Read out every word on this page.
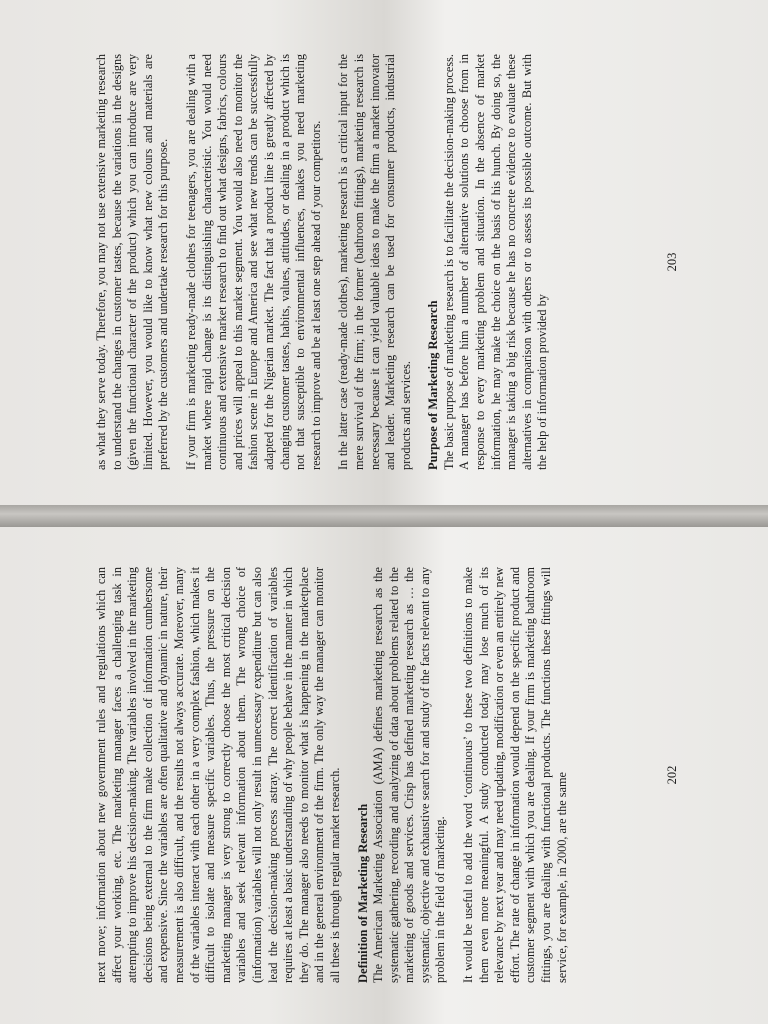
as what they serve today. Therefore, you may not use extensive marketing research to understand the changes in customer tastes, because the variations in the designs (given the functional character of the product) which you can introduce are very limited. However, you would like to know what new colours and materials are preferred by the customers and undertake research for this purpose. If your firm is marketing ready-made clothes for teenagers, you are dealing with a market where rapid change is its distinguishing characteristic. You would need continuous and extensive market research to find out what designs, fabrics, colours and prices will appeal to this market segment. You would also need to monitor the fashion scene in Europe and America and see what new trends can be successfully adapted for the Nigerian market. The fact that a product line is greatly affected by changing customer tastes, habits, values, attitudes, or dealing in a product which is not that susceptible to environmental influences, makes you need marketing research to improve and be at least one step ahead of your competitors. In the latter case (ready-made clothes), marketing research is a critical input for the mere survival of the firm; in the former (bathroom fittings), marketing research is necessary because it can yield valuable ideas to make the firm a market innovator and leader. Marketing research can be used for consumer products, industrial products and services. Purpose of Marketing Research The basic purpose of marketing research is to facilitate the decision-making process. A manager has before him a number of alternative solutions to choose from in response to every marketing problem and situation. In the absence of market information, he may make the choice on the basis of his hunch. By doing so, the manager is taking a big risk because he has no concrete evidence to evaluate these alternatives in comparison with others or to assess its possible outcome. But with the help of information provided by

203

next move; information about new government rules and regulations which can affect your working, etc. The marketing manager faces a challenging task in attempting to improve his decision-making. The variables involved in the marketing decisions being external to the firm make collection of information cumbersome and expensive. Since the variables are often qualitative and dynamic in nature, their measurement is also difficult, and the results not always accurate. Moreover, many of the variables interact with each other in a very complex fashion, which makes it difficult to isolate and measure specific variables. Thus, the pressure on the marketing manager is very strong to correctly choose the most critical decision variables and seek relevant information about them. The wrong choice of (information) variables will not only result in unnecessary expenditure but can also lead the decision-making process astray. The correct identification of variables requires at least a basic understanding of why people behave in the manner in which they do. The manager also needs to monitor what is happening in the marketplace and in the general environment of the firm. The only way the manager can monitor all these is through regular market research. Definition of Marketing Research The American Marketing Association (AMA) defines marketing research as the systematic gathering, recording and analyzing of data about problems related to the marketing of goods and services. Crisp has defined marketing research as … the systematic, objective and exhaustive search for and study of the facts relevant to any problem in the field of marketing. It would be useful to add the word ‘continuous’ to these two definitions to make them even more meaningful. A study conducted today may lose much of its relevance by next year and may need updating, modification or even an entirely new effort. The rate of change in information would depend on the specific product and customer segment with which you are dealing. If your firm is marketing bathroom fittings, you are dealing with functional products. The functions these fittings will service, for example, in 2000, are the same	202
